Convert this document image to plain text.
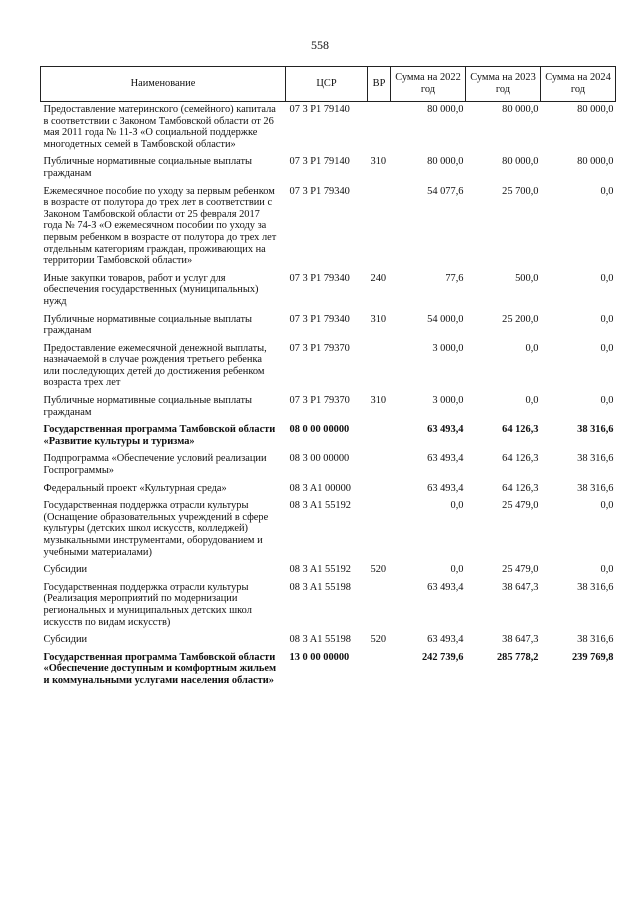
558
Наименование	ЦСР	ВР	Сумма на 2022 год	Сумма на 2023 год	Сумма на 2024 год
Предоставление материнского (семейного) капитала в соответствии с Законом Тамбовской области от 26 мая 2011 года № 11-З «О социальной поддержке многодетных семей в Тамбовской области»	07 3 P1 79140		80 000,0	80 000,0	80 000,0
Публичные нормативные социальные выплаты гражданам	07 3 P1 79140	310	80 000,0	80 000,0	80 000,0
Ежемесячное пособие по уходу за первым ребенком в возрасте от полутора до трех лет в соответствии с Законом Тамбовской области от 25 февраля 2017 года № 74-З «О ежемесячном пособии по уходу за первым ребенком в возрасте от полутора до трех лет отдельным категориям граждан, проживающих на территории Тамбовской области»	07 3 P1 79340		54 077,6	25 700,0	0,0
Иные закупки товаров, работ и услуг для обеспечения государственных (муниципальных) нужд	07 3 P1 79340	240	77,6	500,0	0,0
Публичные нормативные социальные выплаты гражданам	07 3 P1 79340	310	54 000,0	25 200,0	0,0
Предоставление ежемесячной денежной выплаты, назначаемой в случае рождения третьего ребенка или последующих детей до достижения ребенком возраста трех лет	07 3 P1 79370		3 000,0	0,0	0,0
Публичные нормативные социальные выплаты гражданам	07 3 P1 79370	310	3 000,0	0,0	0,0
Государственная программа Тамбовской области «Развитие культуры и туризма»	08 0 00 00000		63 493,4	64 126,3	38 316,6
Подпрограмма «Обеспечение условий реализации Госпрограммы»	08 3 00 00000		63 493,4	64 126,3	38 316,6
Федеральный проект «Культурная среда»	08 3 A1 00000		63 493,4	64 126,3	38 316,6
Государственная поддержка отрасли культуры (Оснащение образовательных учреждений в сфере культуры (детских школ искусств, колледжей) музыкальными инструментами, оборудованием и учебными материалами)	08 3 A1 55192		0,0	25 479,0	0,0
Субсидии	08 3 A1 55192	520	0,0	25 479,0	0,0
Государственная поддержка отрасли культуры (Реализация мероприятий по модернизации региональных и муниципальных детских школ искусств по видам искусств)	08 3 A1 55198		63 493,4	38 647,3	38 316,6
Субсидии	08 3 A1 55198	520	63 493,4	38 647,3	38 316,6
Государственная программа Тамбовской области «Обеспечение доступным и комфортным жильем и коммунальными услугами населения области»	13 0 00 00000		242 739,6	285 778,2	239 769,8
